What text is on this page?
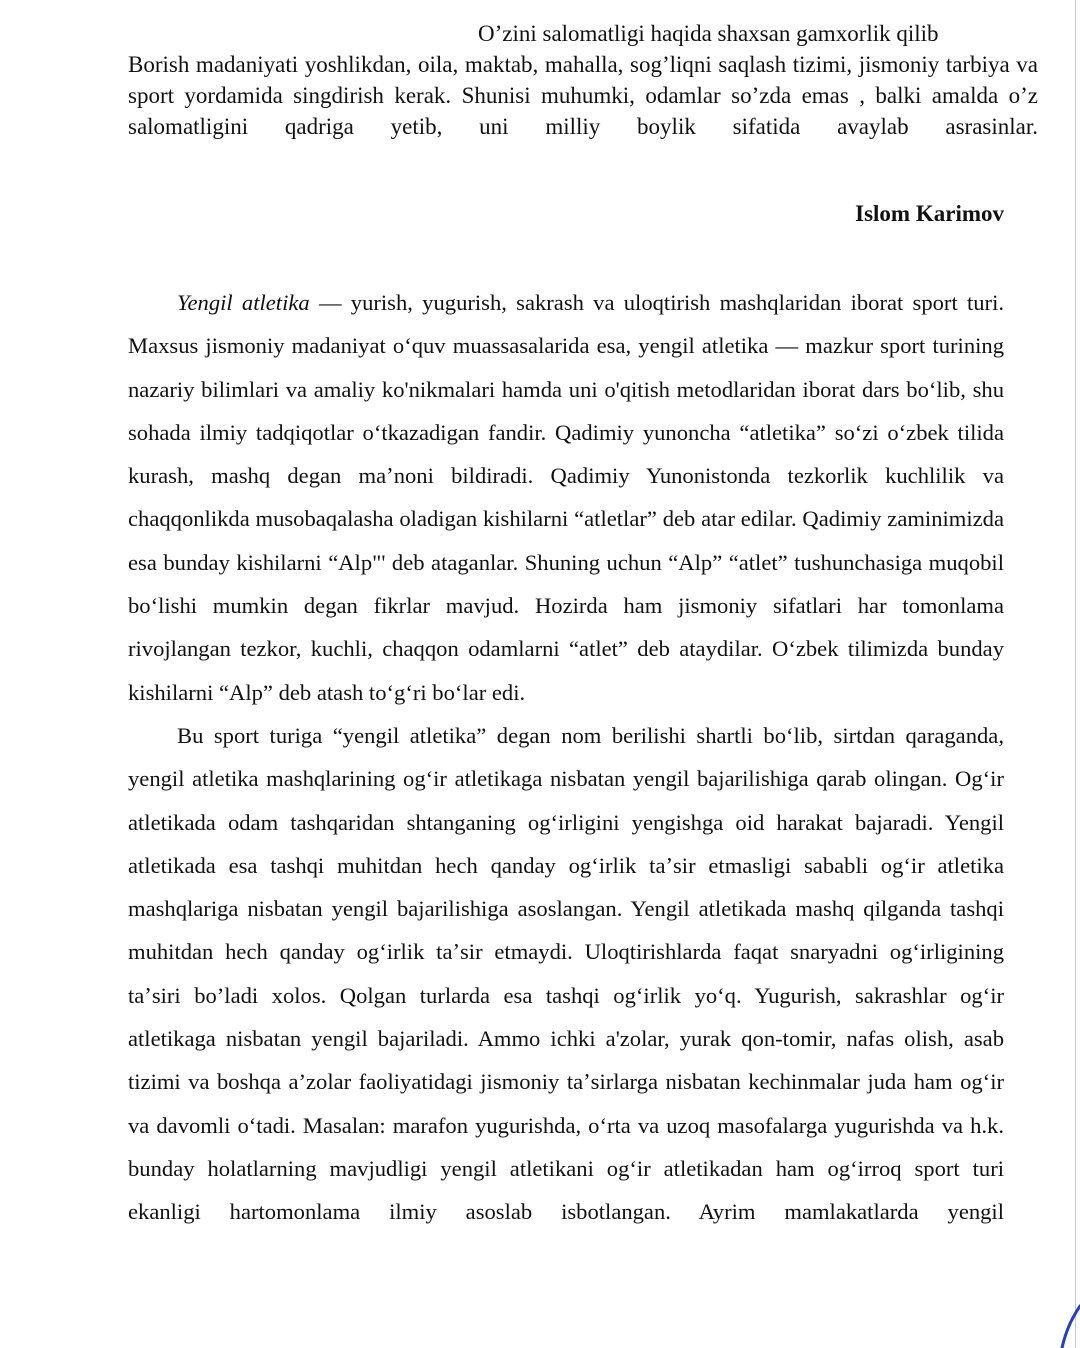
O’zini salomatligi haqida shaxsan gamxorlik qilib
Borish madaniyati yoshlikdan, oila, maktab, mahalla, sog’liqni saqlash tizimi, jismoniy tarbiya va sport yordamida singdirish kerak. Shunisi muhumki, odamlar so’zda emas , balki amalda o’z salomatligini qadriga yetib, uni milliy boylik sifatida avaylab asrasinlar.
Islom Karimov

Yengil atletika — yurish, yugurish, sakrash va uloqtirish mashqlaridan iborat sport turi. Maxsus jismoniy madaniyat oʻquv muassasalarida esa, yengil atletika — mazkur sport turining nazariy bilimlari va amaliy ko'nikmalari hamda uni o'qitish metodlaridan iborat dars boʻlib, shu sohada ilmiy tadqiqotlar oʻtkazadigan fandir. Qadimiy yunoncha “atletika” soʻzi oʻzbek tilida kurash, mashq degan maʼnoni bildiradi. Qadimiy Yunonistonda tezkorlik kuchlilik va chaqqonlikda musobaqalasha oladigan kishilarni “atletlar” deb atar edilar. Qadimiy zaminimizda esa bunday kishilarni “Alp"' deb ataganlar. Shuning uchun “Alp” “atlet” tushunchasiga muqobil boʻlishi mumkin degan fikrlar mavjud. Hozirda ham jismoniy sifatlari har tomonlama rivojlangan tezkor, kuchli, chaqqon odamlarni “atlet” deb ataydilar. Oʻzbek tilimizda bunday kishilarni “Alp” deb atash toʻgʻri boʻlar edi.

Bu sport turiga “yengil atletika” degan nom berilishi shartli boʻlib, sirtdan qaraganda, yengil atletika mashqlarining ogʻir atletikaga nisbatan yengil bajarilishiga qarab olingan. Ogʻir atletikada odam tashqaridan shtanganing ogʻirligini yengishga oid harakat bajaradi. Yengil atletikada esa tashqi muhitdan hech qanday ogʻirlik taʼsir etmasligi sababli ogʻir atletika mashqlariga nisbatan yengil bajarilishiga asoslangan. Yengil atletikada mashq qilganda tashqi muhitdan hech qanday ogʻirlik taʼsir etmaydi. Uloqtirishlarda faqat snaryadni ogʻirligining taʼsiri bo’ladi xolos. Qolgan turlarda esa tashqi ogʻirlik yoʻq. Yugurish, sakrashlar ogʻir atletikaga nisbatan yengil bajariladi. Ammo ichki a'zolar, yurak qon-tomir, nafas olish, asab tizimi va boshqa a’zolar faoliyatidagi jismoniy taʼsirlarga nisbatan kechinmalar juda ham ogʻir va davomli oʻtadi. Masalan: marafon yugurishda, oʻrta va uzoq masofalarga yugurishda va h.k. bunday holatlarning mavjudligi yengil atletikani ogʻir atletikadan ham ogʻirroq sport turi ekanligi hartomonlama ilmiy asoslab isbotlangan. Ayrim mamlakatlarda yengil
